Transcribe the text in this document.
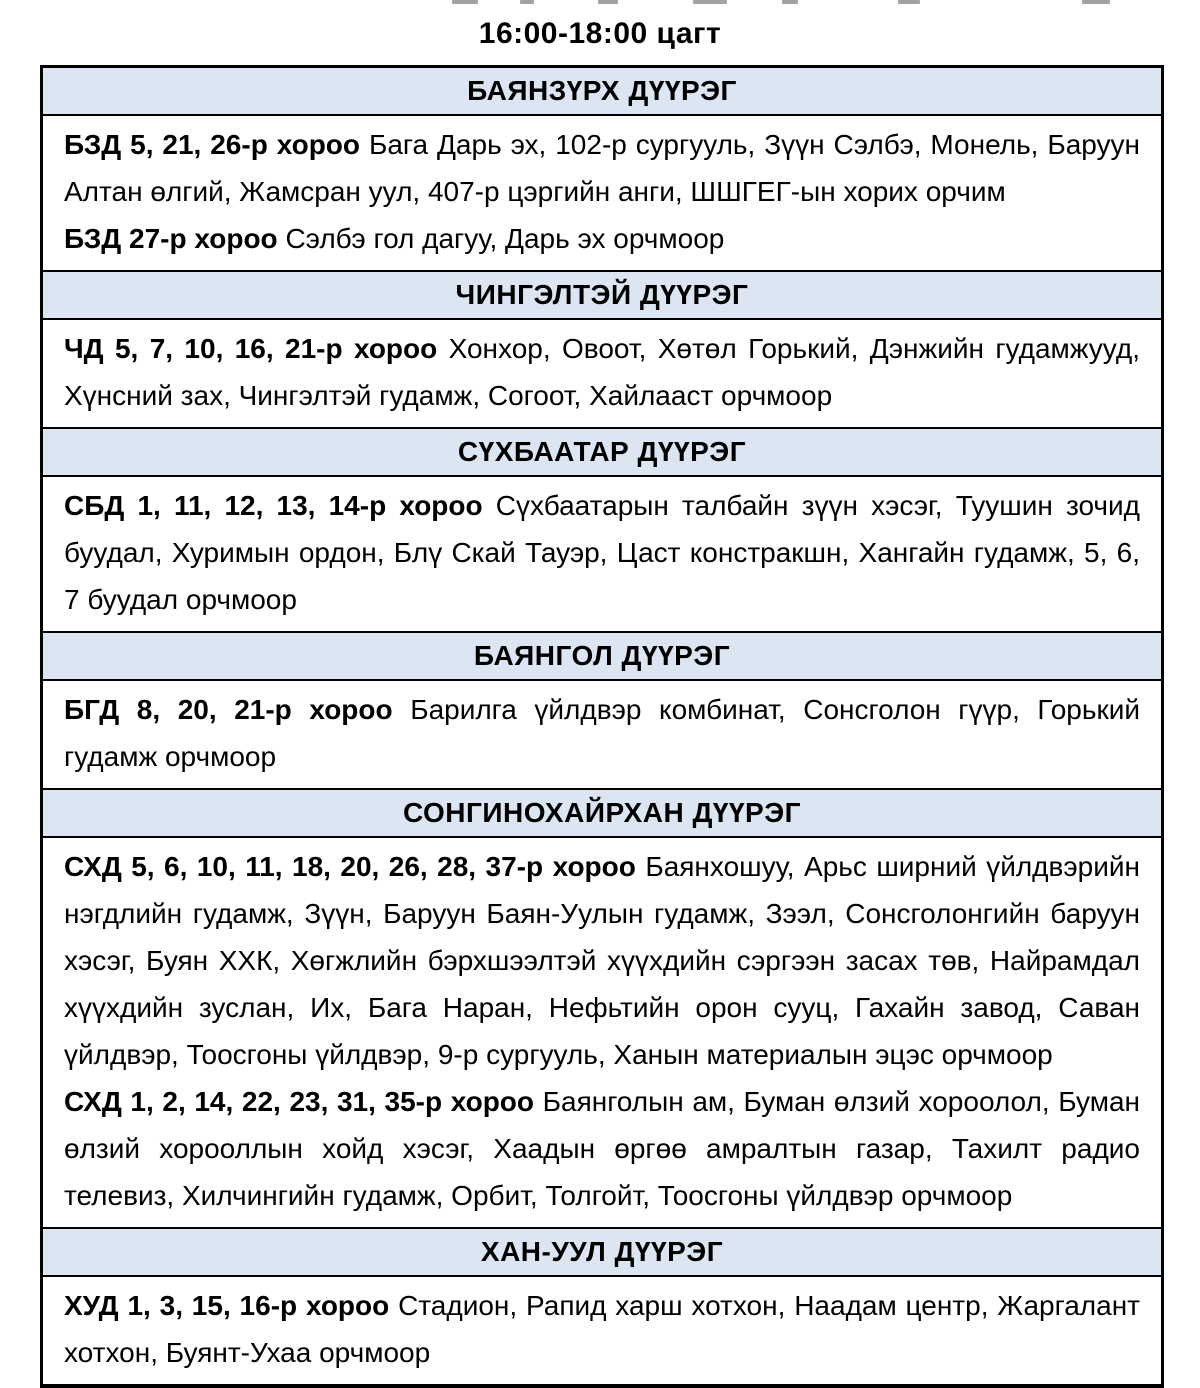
16:00-18:00 цагт
БАЯНЗҮРХ ДҮҮРЭГ

БЗД 5, 21, 26-р хороо Бага Дарь эх, 102-р сургууль, Зүүн Сэлбэ, Монель, Баруун Алтан өлгий, Жамсран уул, 407-р цэргийн анги, ШШГЕГ-ын хорих орчим

БЗД 27-р хороо Сэлбэ гол дагуу, Дарь эх орчмоор

ЧИНГЭЛТЭЙ ДҮҮРЭГ

ЧД 5, 7, 10, 16, 21-р хороо Хонхор, Овоот, Хөтөл Горький, Дэнжийн гудамжууд, Хүнсний зах, Чингэлтэй гудамж, Согоот, Хайлааст орчмоор

СҮХБААТАР ДҮҮРЭГ

СБД 1, 11, 12, 13, 14-р хороо Сүхбаатарын талбайн зүүн хэсэг, Туушин зочид буудал, Хуримын ордон, Блү Скай Тауэр, Цаст констракшн, Хангайн гудамж, 5, 6, 7 буудал орчмоор

БАЯНГОЛ ДҮҮРЭГ

БГД 8, 20, 21-р хороо Барилга үйлдвэр комбинат, Сонсголон гүүр, Горький гудамж орчмоор

СОНГИНОХАЙРХАН ДҮҮРЭГ

СХД 5, 6, 10, 11, 18, 20, 26, 28, 37-р хороо Баянхошуу, Арьс ширний үйлдвэрийн нэгдлийн гудамж, Зүүн, Баруун Баян-Уулын гудамж, Зээл, Сонсголонгийн баруун хэсэг, Буян ХХК, Хөгжлийн бэрхшээлтэй хүүхдийн сэргээн засах төв, Найрамдал хүүхдийн зуслан, Их, Бага Наран, Нефьтийн орон сууц, Гахайн завод, Саван үйлдвэр, Тоосгоны үйлдвэр, 9-р сургууль, Ханын материалын эцэс орчмоор

СХД 1, 2, 14, 22, 23, 31, 35-р хороо Баянголын ам, Буман өлзий хороолол, Буман өлзий хорооллын хойд хэсэг, Хаадын өргөө амралтын газар, Тахилт радио телевиз, Хилчингийн гудамж, Орбит, Толгойт, Тоосгоны үйлдвэр орчмоор

ХАН-УУЛ ДҮҮРЭГ

ХУД 1, 3, 15, 16-р хороо Стадион, Рапид харш хотхон, Наадам центр, Жаргалант хотхон, Буянт-Ухаа орчмоор
